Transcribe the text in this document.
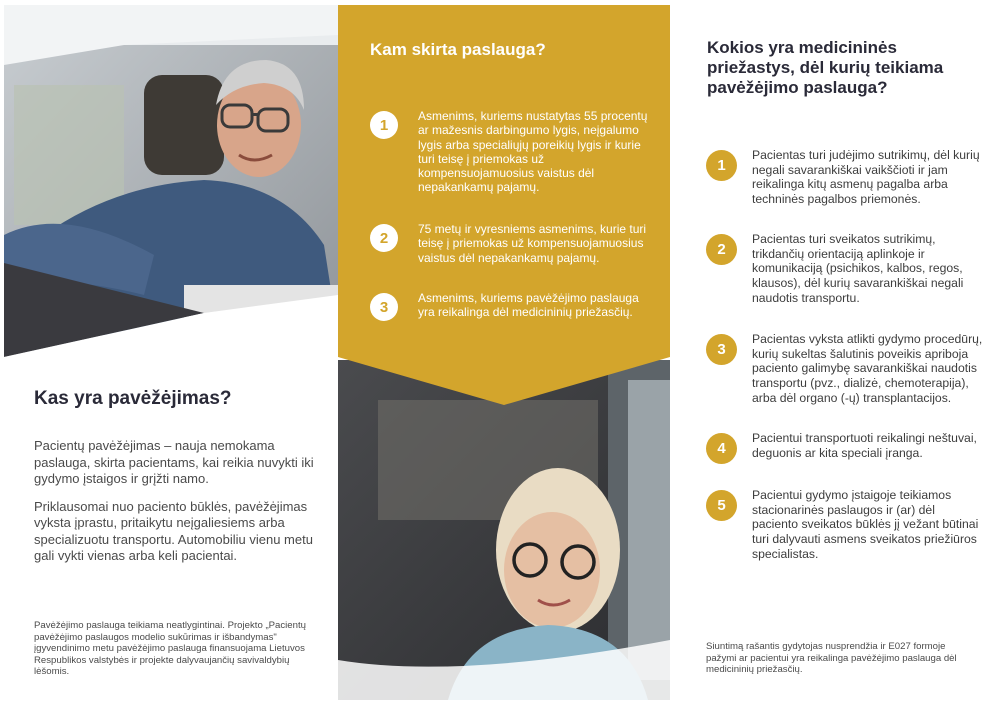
Kas yra pavėžėjimas?

Pacientų pavėžėjimas – nauja nemokama paslauga, skirta pacientams, kai reikia nuvykti iki gydymo įstaigos ir grįžti namo.

Priklausomai nuo paciento būklės, pavėžėjimas vyksta įprastu, pritaikytu neįgaliesiems arba specializuotu transportu. Automobiliu vienu metu gali vykti vienas arba keli pacientai.

Pavėžėjimo paslauga teikiama neatlygintinai. Projekto „Pacientų pavėžėjimo paslaugos modelio sukūrimas ir išbandymas" įgyvendinimo metu pavėžėjimo paslauga finansuojama Lietuvos Respublikos valstybės ir projekte dalyvaujančių savivaldybių lėšomis.
Kam skirta paslauga?
1
Asmenims, kuriems nustatytas 55 procentų ar mažesnis darbingumo lygis, neįgalumo lygis arba specialiųjų poreikių lygis ir kurie turi teisę į priemokas už kompensuojamuosius vaistus dėl nepakankamų pajamų.
2
75 metų ir vyresniems asmenims, kurie turi teisę į priemokas už kompensuojamuosius vaistus dėl nepakankamų pajamų.
3
Asmenims, kuriems pavėžėjimo paslauga yra reikalinga dėl medicininių priežasčių.
Kokios yra medicininės priežastys, dėl kurių teikiama pavėžėjimo paslauga?
1
Pacientas turi judėjimo sutrikimų, dėl kurių negali savarankiškai vaikščioti ir jam reikalinga kitų asmenų pagalba arba techninės pagalbos priemonės.
2
Pacientas turi sveikatos sutrikimų, trikdančių orientaciją aplinkoje ir komunikaciją (psichikos, kalbos, regos, klausos), dėl kurių savarankiškai negali naudotis transportu.
3
Pacientas vyksta atlikti gydymo procedūrų, kurių sukeltas šalutinis poveikis apriboja paciento galimybę savarankiškai naudotis transportu (pvz., dializė, chemoterapija), arba dėl organo (-ų) transplantacijos.
4
Pacientui transportuoti reikalingi neštuvai, deguonis ar kita speciali įranga.
5
Pacientui gydymo įstaigoje teikiamos stacionarinės paslaugos ir (ar) dėl paciento sveikatos būklės jį vežant būtinai turi dalyvauti asmens sveikatos priežiūros specialistas.
Siuntimą rašantis gydytojas nusprendžia ir E027 formoje pažymi ar pacientui yra reikalinga pavėžėjimo paslauga dėl medicininių priežasčių.
